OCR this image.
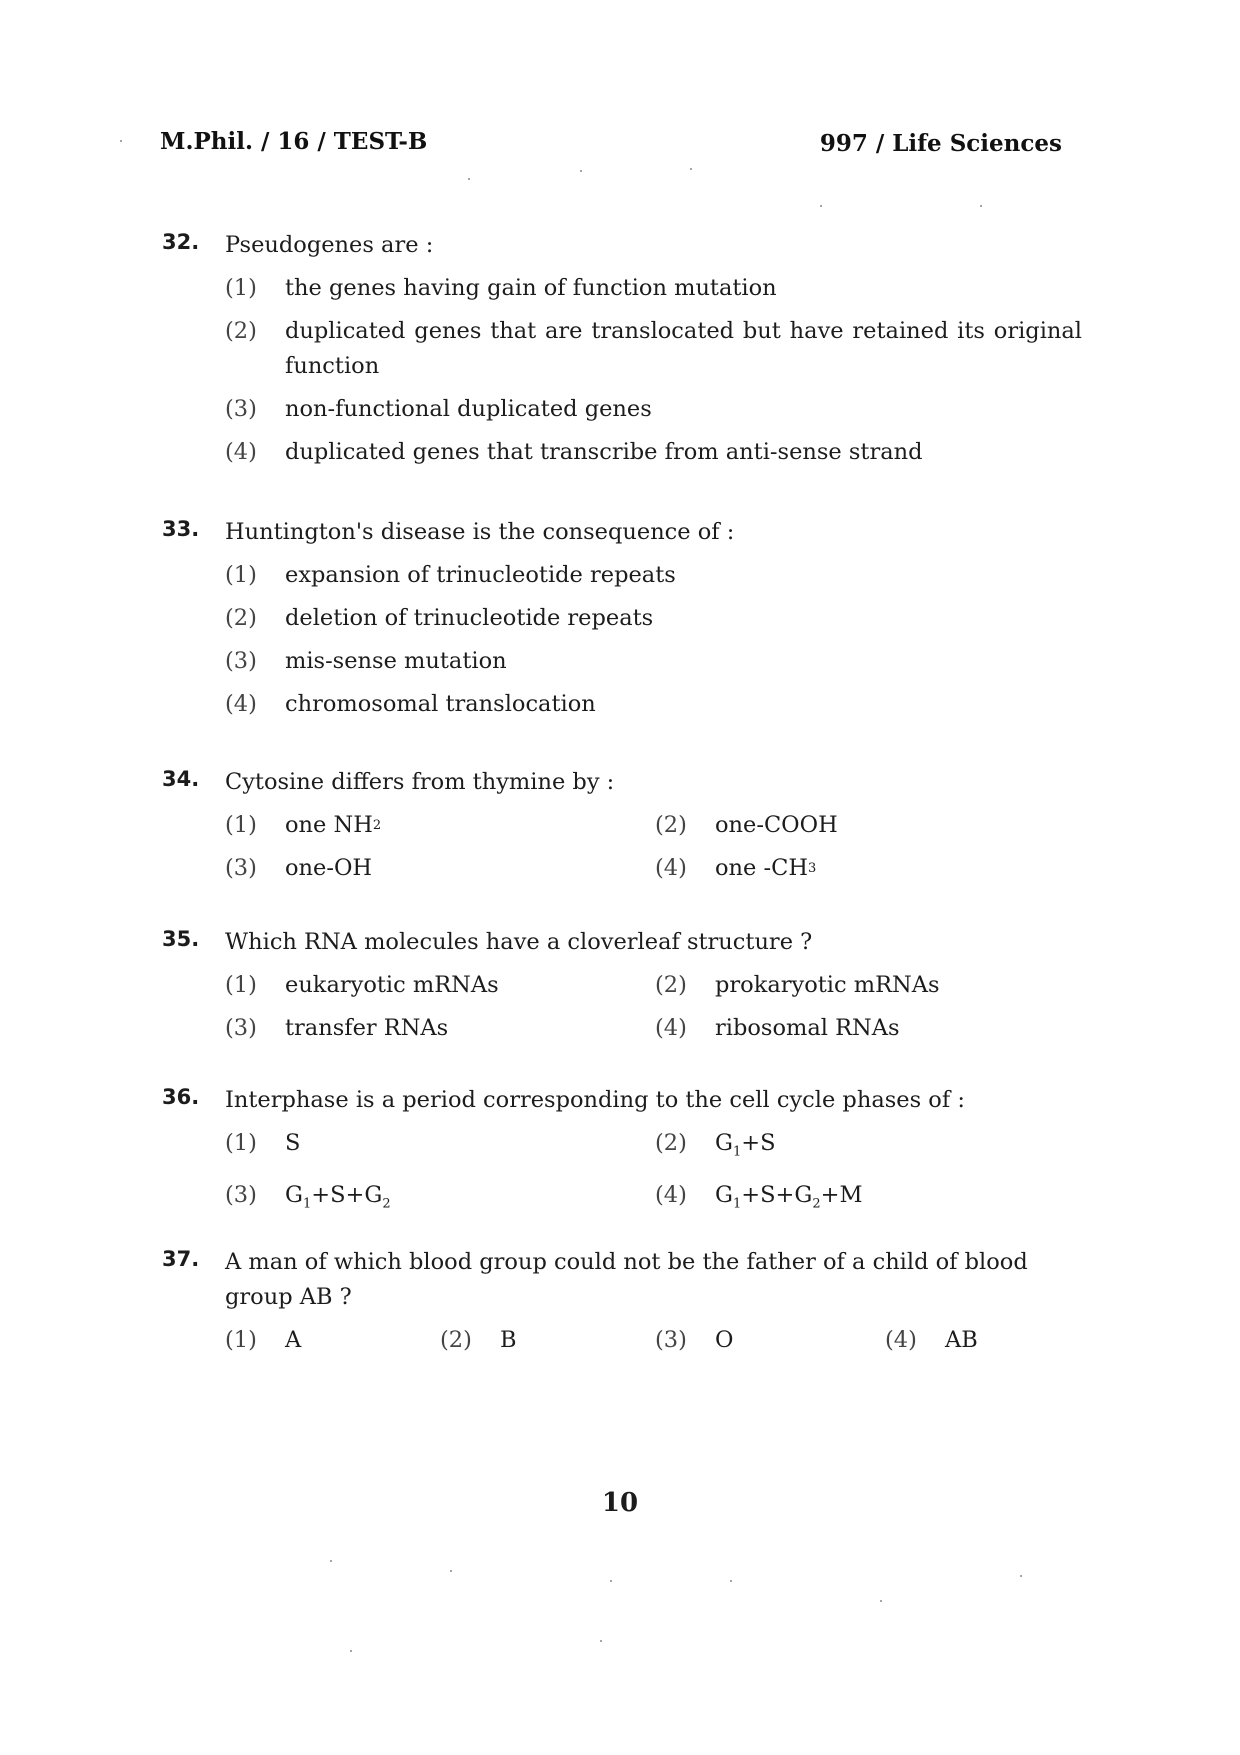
M.Phil. / 16 / TEST-B	997 / Life Sciences
32.	Pseudogenes are :
(1)	the genes having gain of function mutation
(2)	duplicated genes that are translocated but have retained its original function
(3)	non-functional duplicated genes
(4)	duplicated genes that transcribe from anti-sense strand
33.	Huntington's disease is the consequence of :
(1)	expansion of trinucleotide repeats
(2)	deletion of trinucleotide repeats
(3)	mis-sense mutation
(4)	chromosomal translocation
34.	Cytosine differs from thymine by :
(1)	one NH 2	(2)	one-COOH
(3)	one-OH	(4)	one -CH 3
35.	Which RNA molecules have a cloverleaf structure ?
(1)	eukaryotic mRNAs	(2)	prokaryotic mRNAs
(3)	transfer RNAs	(4)	ribosomal RNAs
36.	Interphase is a period corresponding to the cell cycle phases of :
(1)	S	(2)	$G_1+S$
(3)	$G_1+S+G_2$	(4)	$G_1+S+G_2+M$
37.	A man of which blood group could not be the father of a child of blood group AB ?
(1)	A	(2)	B	(3)	O	(4)	AB
10
